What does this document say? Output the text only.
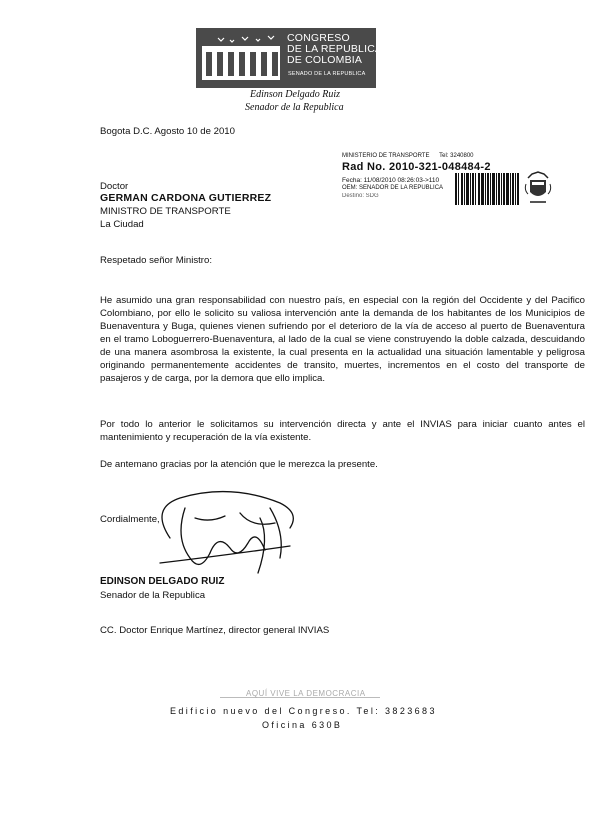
CONGRESO
DE LA REPUBLICA
DE COLOMBIA
SENADO DE LA REPUBLICA
Edinson Delgado Ruiz
Senador de la Republica
Bogota D.C. Agosto 10 de 2010
MINISTERIO DE TRANSPORTE Tel: 3240800
Rad No. 2010-321-048484-2
Fecha: 11/08/2010 08:26:03->110
OEM: SENADOR DE LA REPUBLICA
Destino: SDG
Doctor
GERMAN CARDONA GUTIERREZ
MINISTRO DE TRANSPORTE
La Ciudad
Respetado señor Ministro:
He asumido una gran responsabilidad con nuestro país, en especial con la región del Occidente y del Pacifico Colombiano, por ello le solicito su valiosa intervención ante la demanda de los habitantes de los Municipios de Buenaventura y Buga, quienes vienen sufriendo por el deterioro de la vía de acceso al puerto de Buenaventura en el tramo Loboguerrero-Buenaventura, al lado de la cual se viene construyendo la doble calzada, descuidando de una manera asombrosa la existente, la cual presenta en la actualidad una situación lamentable y peligrosa originando permanentemente accidentes de transito, muertes, incrementos en el costo del transporte de pasajeros y de carga, por la demora que ello implica.
Por todo lo anterior le solicitamos su intervención directa y ante el INVIAS para iniciar cuanto antes el mantenimiento y recuperación de la vía existente.
De antemano gracias por la atención que le merezca la presente.
Cordialmente,
EDINSON DELGADO RUIZ
Senador de la Republica
CC. Doctor Enrique Martínez, director general INVIAS
AQUÍ VIVE LA DEMOCRACIA
Edificio nuevo del Congreso. Tel: 3823683
Oficina 630B
